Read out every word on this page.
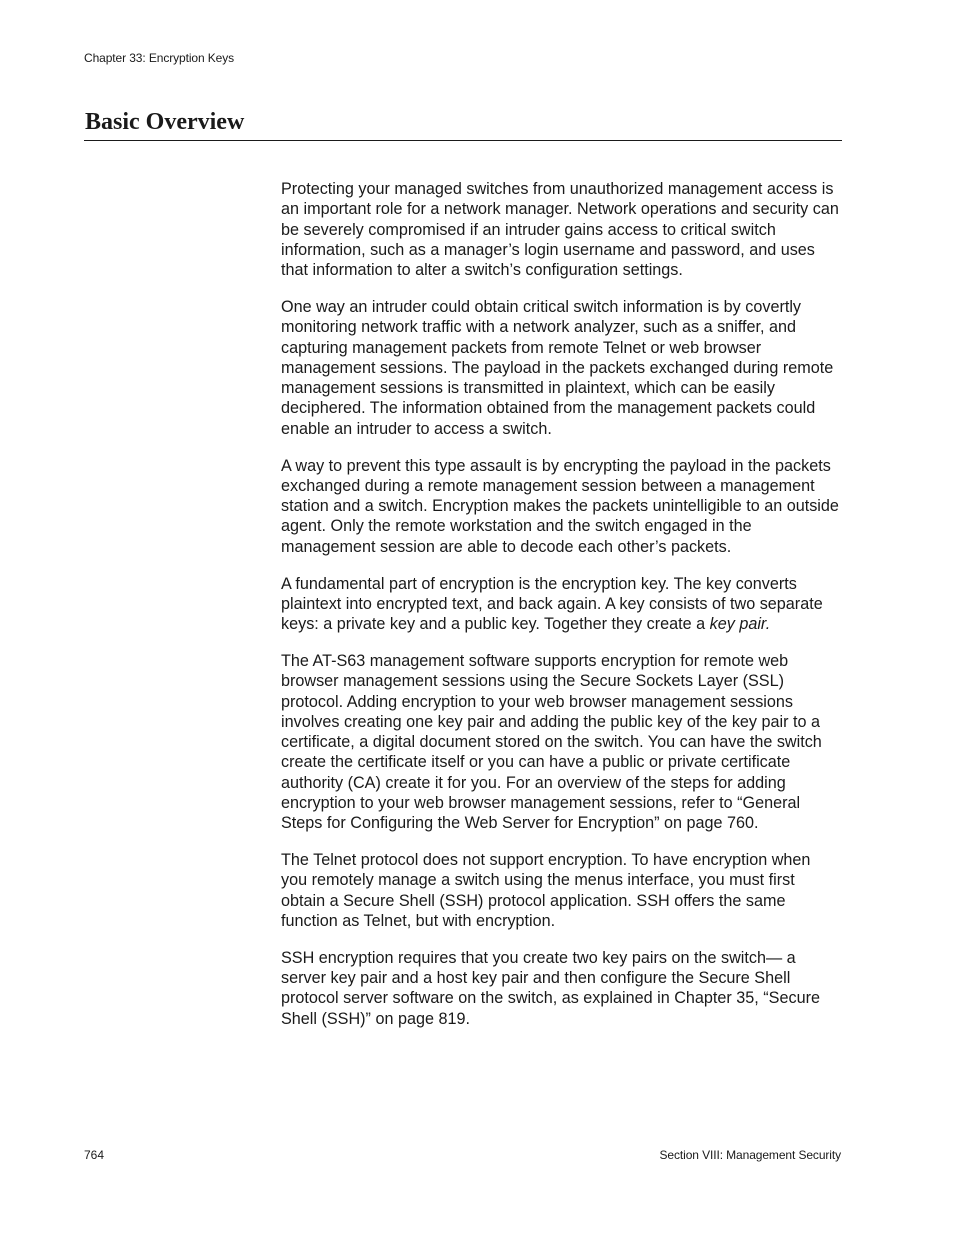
Chapter 33: Encryption Keys
Basic Overview

Protecting your managed switches from unauthorized management access is an important role for a network manager. Network operations and security can be severely compromised if an intruder gains access to critical switch information, such as a manager’s login username and password, and uses that information to alter a switch’s configuration settings.

One way an intruder could obtain critical switch information is by covertly monitoring network traffic with a network analyzer, such as a sniffer, and capturing management packets from remote Telnet or web browser management sessions. The payload in the packets exchanged during remote management sessions is transmitted in plaintext, which can be easily deciphered. The information obtained from the management packets could enable an intruder to access a switch.

A way to prevent this type assault is by encrypting the payload in the packets exchanged during a remote management session between a management station and a switch. Encryption makes the packets unintelligible to an outside agent. Only the remote workstation and the switch engaged in the management session are able to decode each other’s packets.

A fundamental part of encryption is the encryption key. The key converts plaintext into encrypted text, and back again. A key consists of two separate keys: a private key and a public key. Together they create a key pair.

The AT-S63 management software supports encryption for remote web browser management sessions using the Secure Sockets Layer (SSL) protocol. Adding encryption to your web browser management sessions involves creating one key pair and adding the public key of the key pair to a certificate, a digital document stored on the switch. You can have the switch create the certificate itself or you can have a public or private certificate authority (CA) create it for you. For an overview of the steps for adding encryption to your web browser management sessions, refer to “General Steps for Configuring the Web Server for Encryption” on page 760.

The Telnet protocol does not support encryption. To have encryption when you remotely manage a switch using the menus interface, you must first obtain a Secure Shell (SSH) protocol application. SSH offers the same function as Telnet, but with encryption.

SSH encryption requires that you create two key pairs on the switch— a server key pair and a host key pair and then configure the Secure Shell protocol server software on the switch, as explained in Chapter 35, “Secure Shell (SSH)” on page 819.

764	Section VIII: Management Security
